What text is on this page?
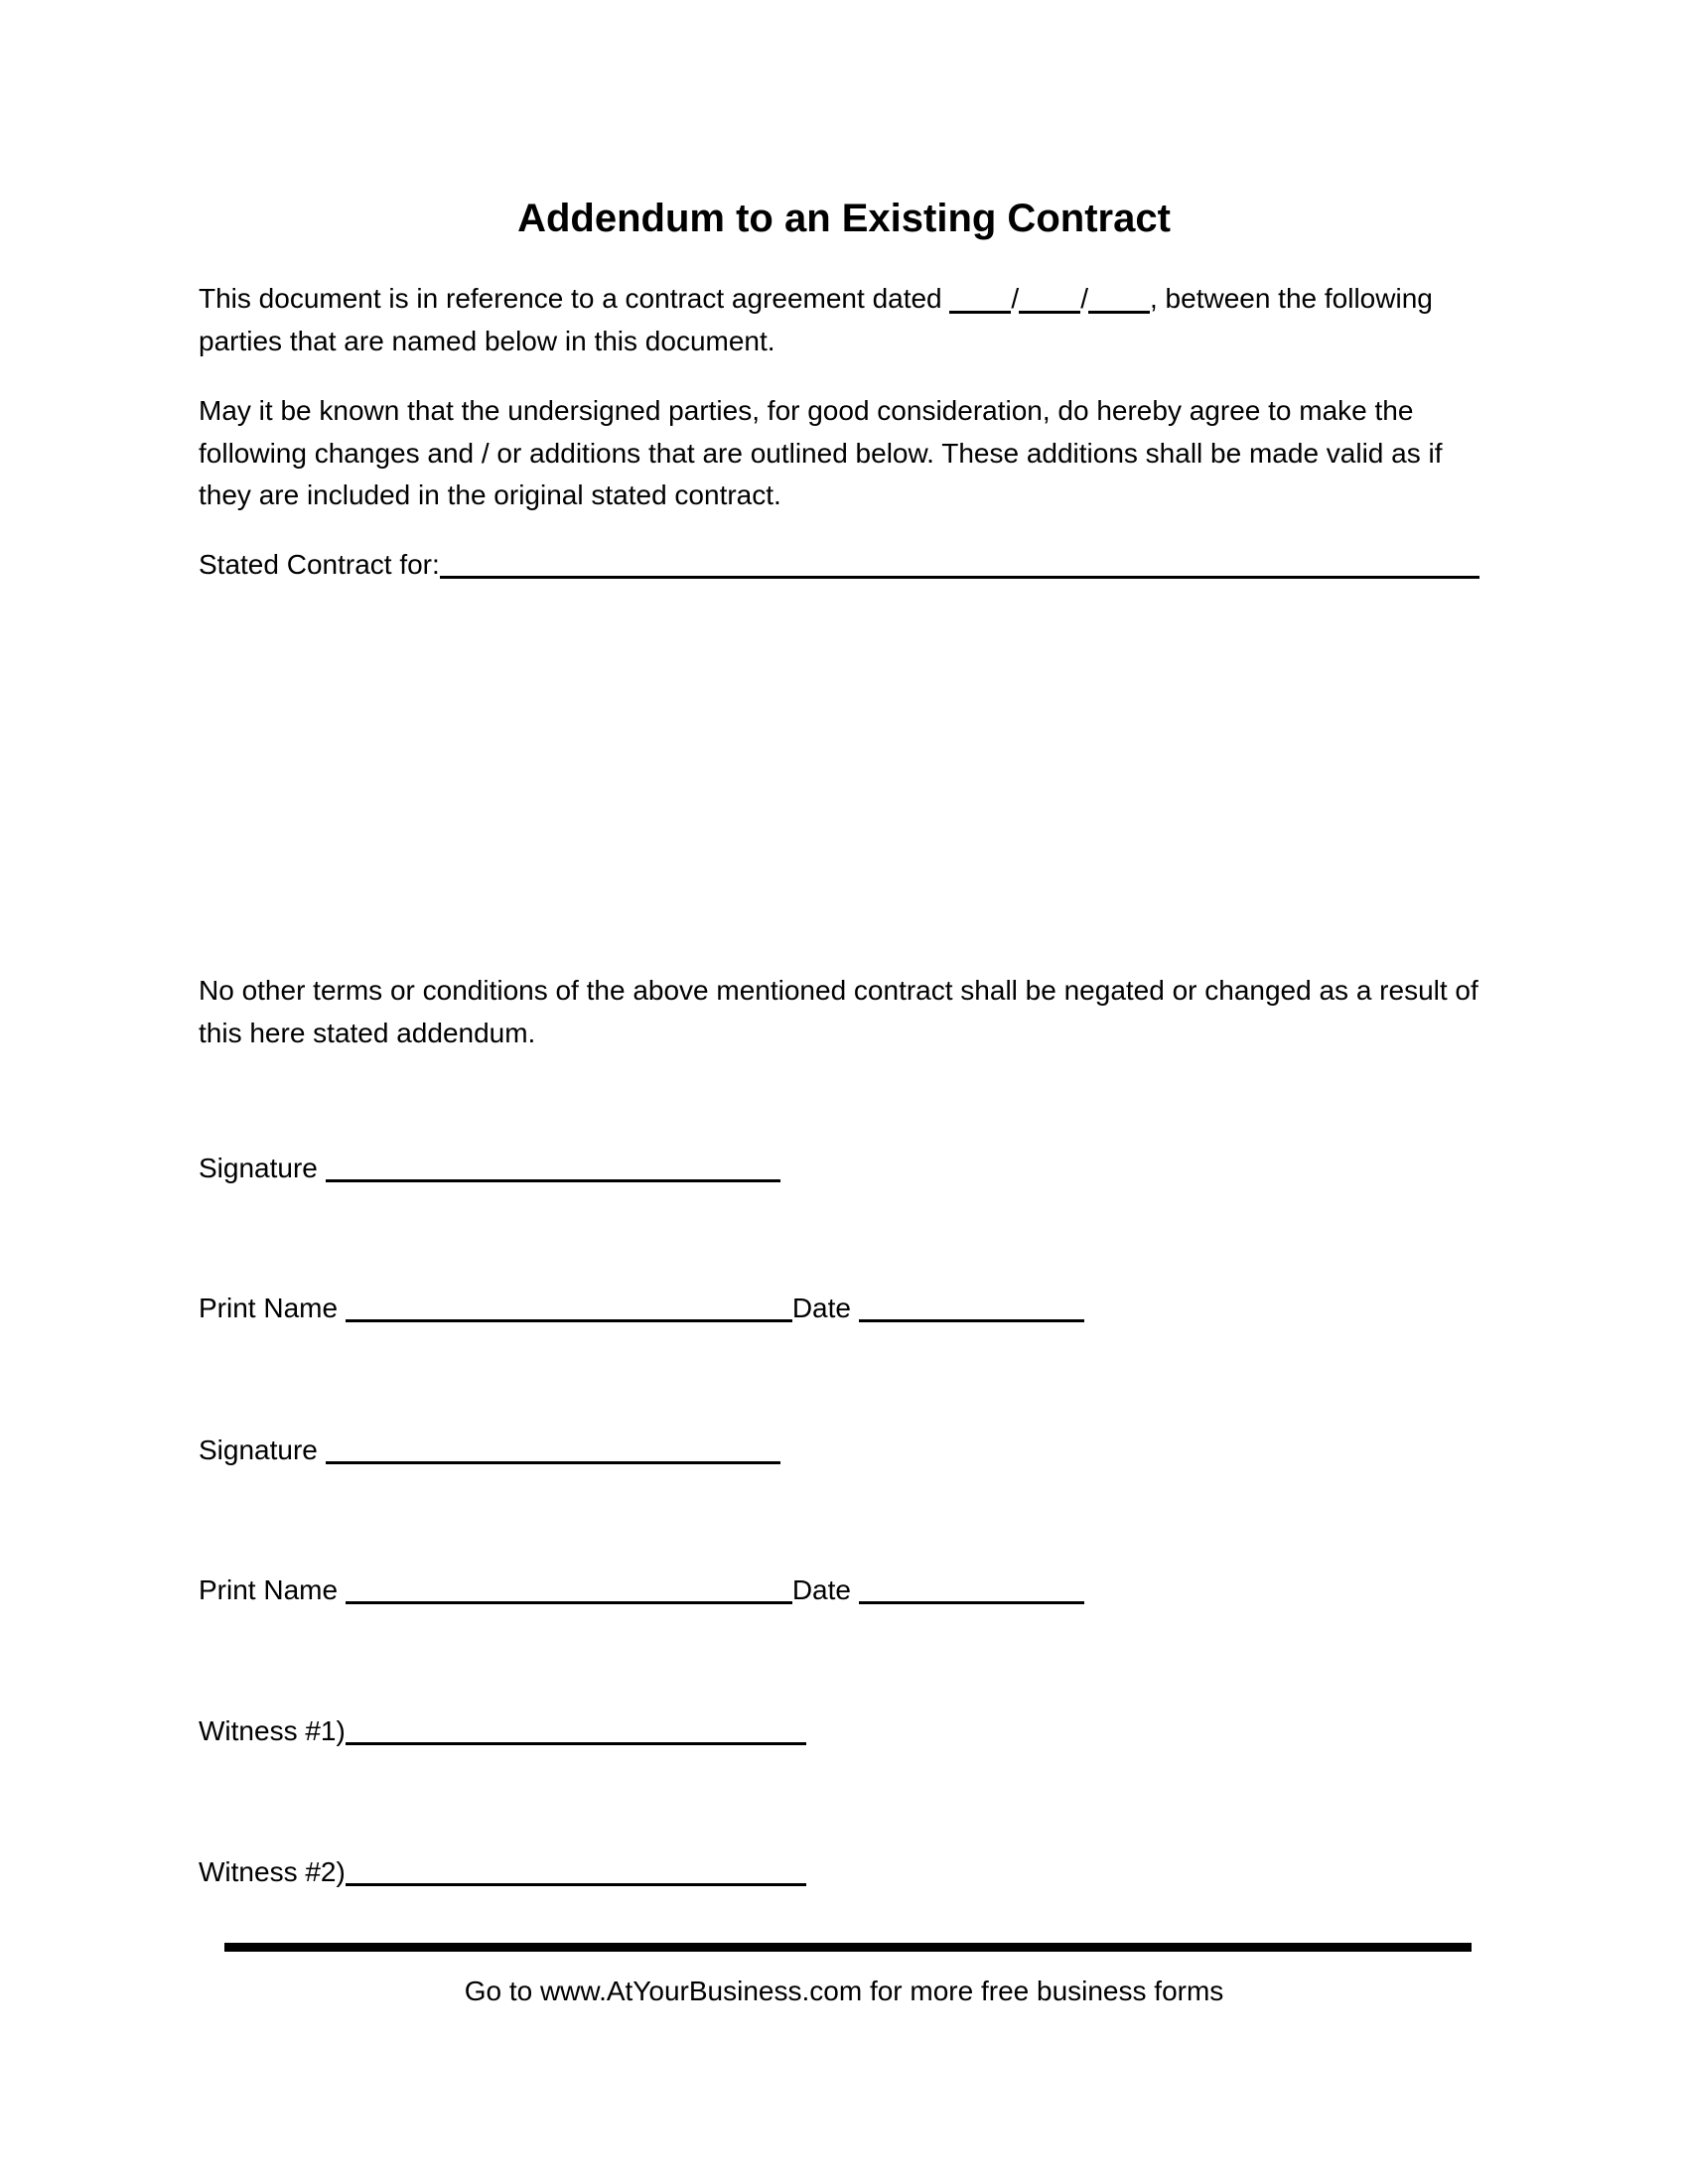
Addendum to an Existing Contract

This document is in reference to a contract agreement dated / / , between the following parties that are named below in this document.

May it be known that the undersigned parties, for good consideration, do hereby agree to make the following changes and / or additions that are outlined below. These additions shall be made valid as if they are included in the original stated contract.

Stated Contract for:

No other terms or conditions of the above mentioned contract shall be negated or changed as a result of this here stated addendum.

Signature
Print Name	Date
Signature
Print Name	Date
Witness #1)
Witness #2)
Go to www.AtYourBusiness.com for more free business forms
